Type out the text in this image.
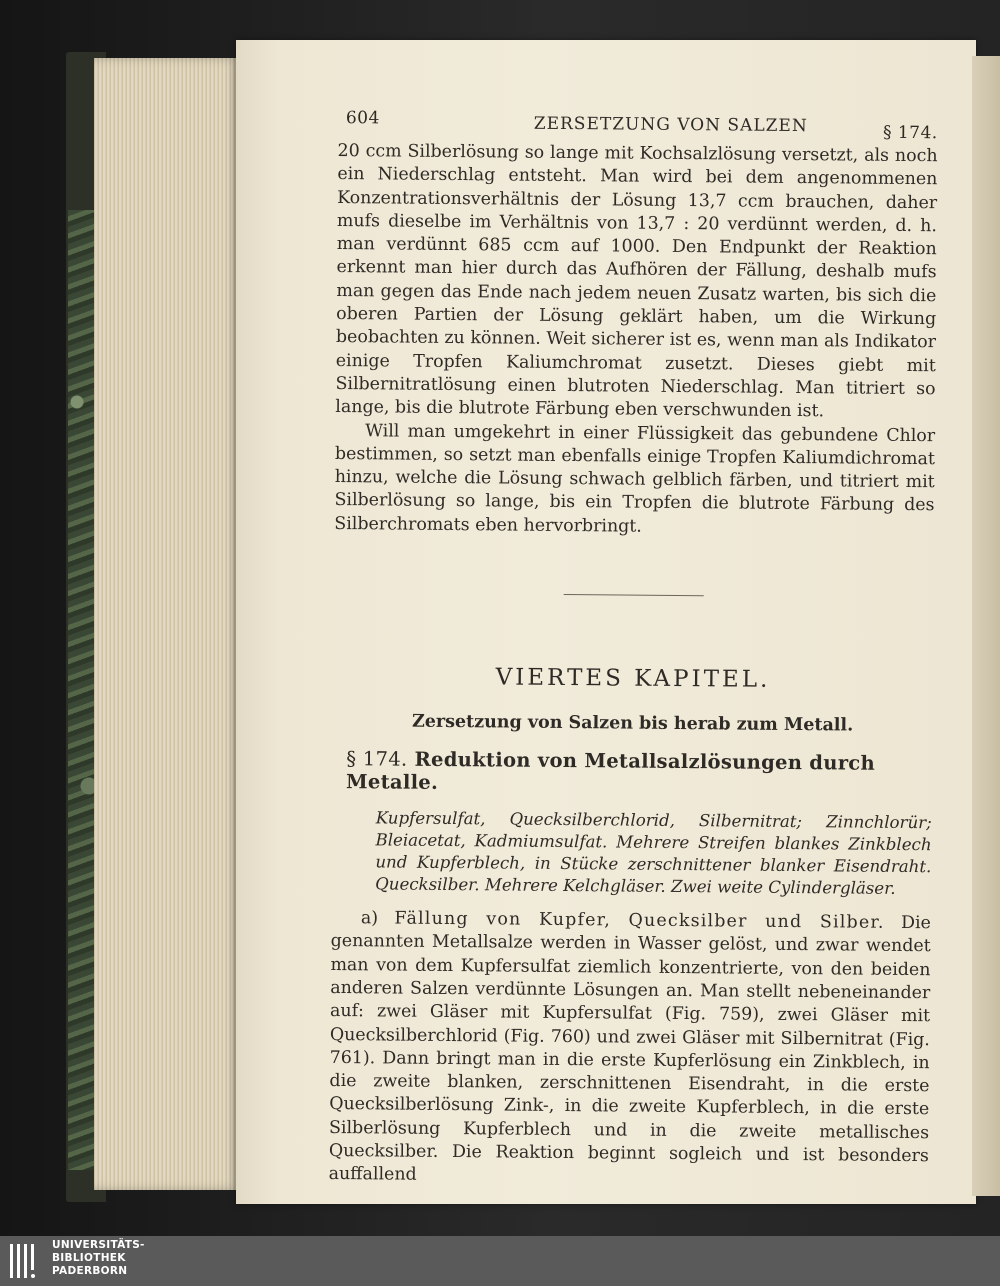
604	ZERSETZUNG VON SALZEN	§ 174.

20 ccm Silberlösung so lange mit Kochsalzlösung versetzt, als noch ein Niederschlag entsteht. Man wird bei dem angenommenen Konzentrationsverhältnis der Lösung 13,7 ccm brauchen, daher mufs dieselbe im Verhältnis von 13,7 : 20 verdünnt werden, d. h. man verdünnt 685 ccm auf 1000. Den Endpunkt der Reaktion erkennt man hier durch das Aufhören der Fällung, deshalb mufs man gegen das Ende nach jedem neuen Zusatz warten, bis sich die oberen Partien der Lösung geklärt haben, um die Wirkung beobachten zu können. Weit sicherer ist es, wenn man als Indikator einige Tropfen Kaliumchromat zusetzt. Dieses giebt mit Silbernitratlösung einen blutroten Niederschlag. Man titriert so lange, bis die blutrote Färbung eben verschwunden ist.

Will man umgekehrt in einer Flüssigkeit das gebundene Chlor bestimmen, so setzt man ebenfalls einige Tropfen Kaliumdichromat hinzu, welche die Lösung schwach gelblich färben, und titriert mit Silberlösung so lange, bis ein Tropfen die blutrote Färbung des Silberchromats eben hervorbringt.

VIERTES KAPITEL.
Zersetzung von Salzen bis herab zum Metall.
§ 174. Reduktion von Metallsalzlösungen durch Metalle.
Kupfersulfat, Quecksilberchlorid, Silbernitrat; Zinnchlorür; Bleiacetat, Kadmiumsulfat. Mehrere Streifen blankes Zinkblech und Kupferblech, in Stücke zerschnittener blanker Eisendraht. Quecksilber. Mehrere Kelchgläser. Zwei weite Cylindergläser.

a) Fällung von Kupfer, Quecksilber und Silber. Die genannten Metallsalze werden in Wasser gelöst, und zwar wendet man von dem Kupfersulfat ziemlich konzentrierte, von den beiden anderen Salzen verdünnte Lösungen an. Man stellt nebeneinander auf: zwei Gläser mit Kupfersulfat (Fig. 759), zwei Gläser mit Quecksilberchlorid (Fig. 760) und zwei Gläser mit Silbernitrat (Fig. 761). Dann bringt man in die erste Kupferlösung ein Zinkblech, in die zweite blanken, zerschnittenen Eisendraht, in die erste Quecksilberlösung Zink-, in die zweite Kupferblech, in die erste Silberlösung Kupferblech und in die zweite metallisches Quecksilber. Die Reaktion beginnt sogleich und ist besonders auffallend

UNIVERSITÄTS-
BIBLIOTHEK
PADERBORN
